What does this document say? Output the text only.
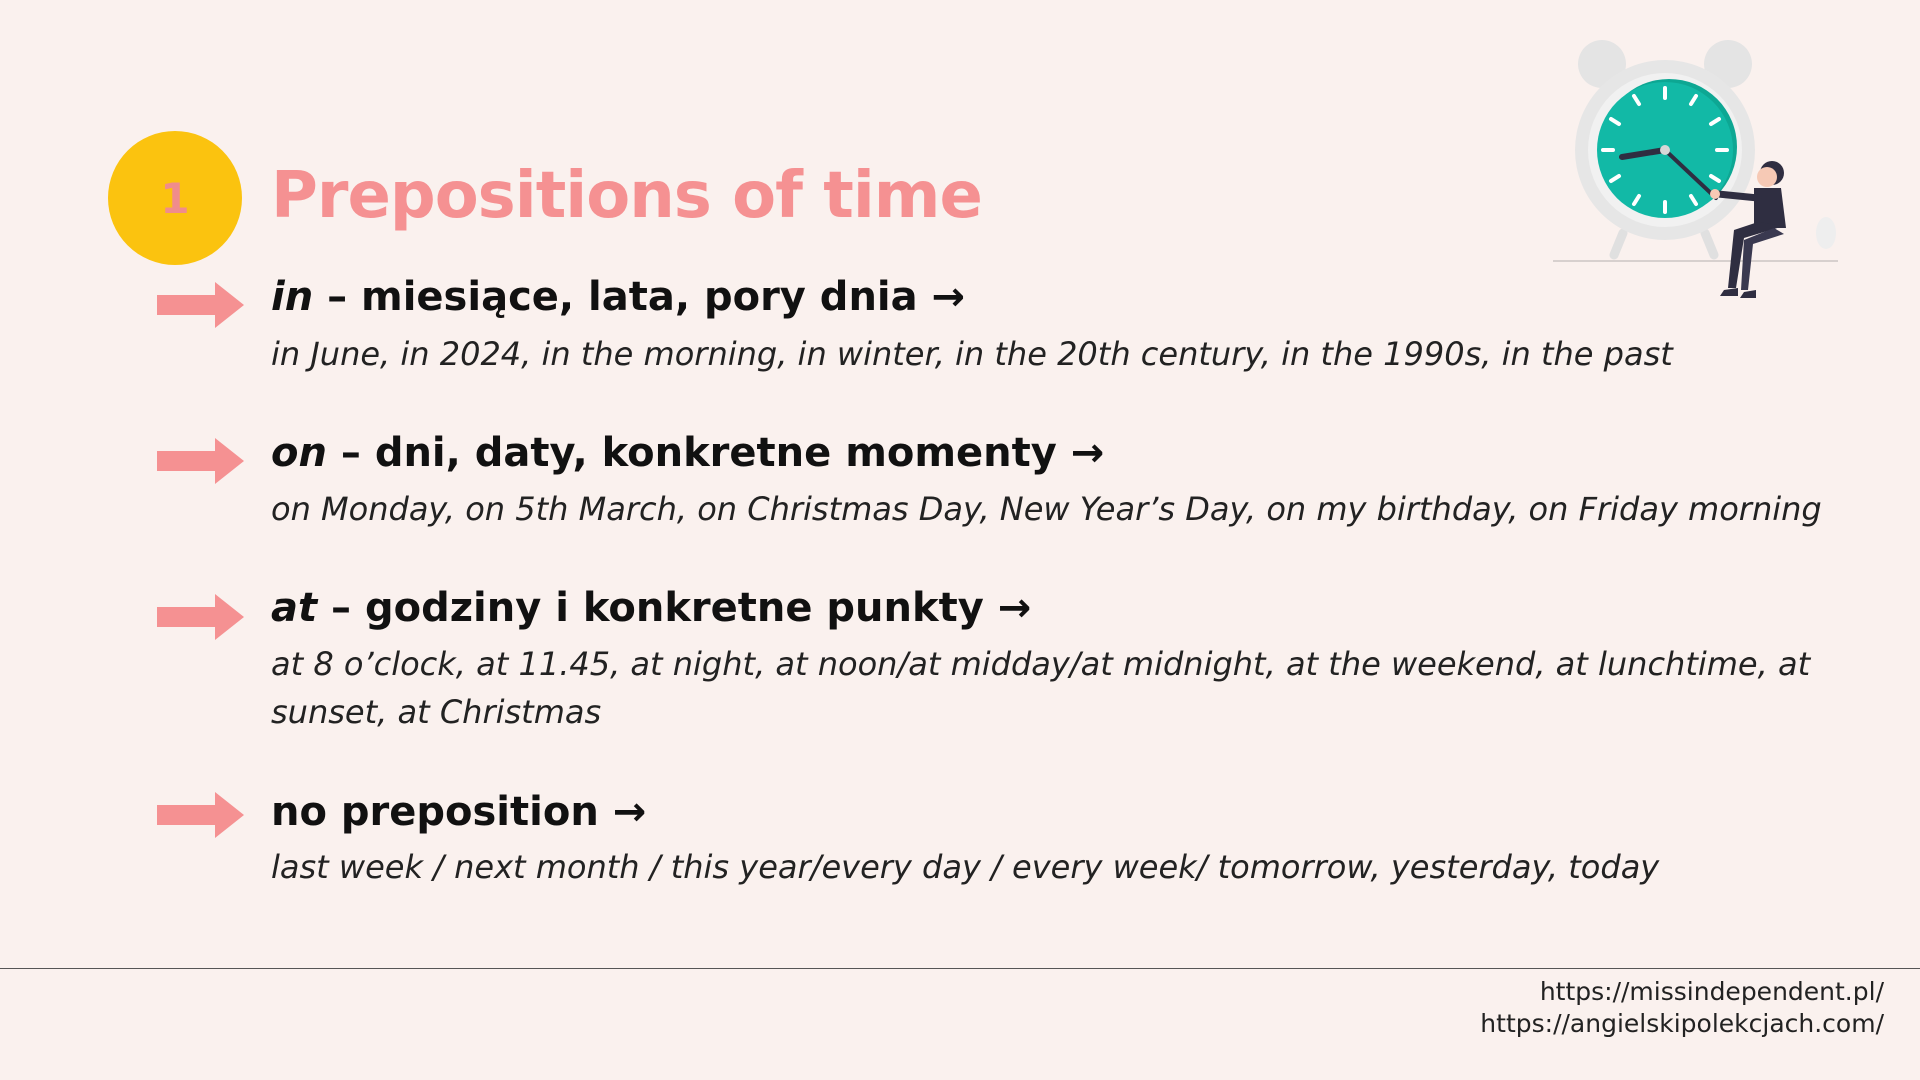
1 Prepositions of time

in – miesiące, lata, pory dnia →

in June, in 2024, in the morning, in winter, in the 20th century, in the 1990s, in the past

on – dni, daty, konkretne momenty →

on Monday, on 5th March, on Christmas Day, New Year’s Day, on my birthday, on Friday morning

at – godziny i konkretne punkty →

at 8 o’clock, at 11.45, at night, at noon/at midday/at midnight, at the weekend, at lunchtime, at sunset, at Christmas

no preposition →

last week / next month / this year/every day / every week/ tomorrow, yesterday, today

https://missindependent.pl/
https://angielskipolekcjach.com/
